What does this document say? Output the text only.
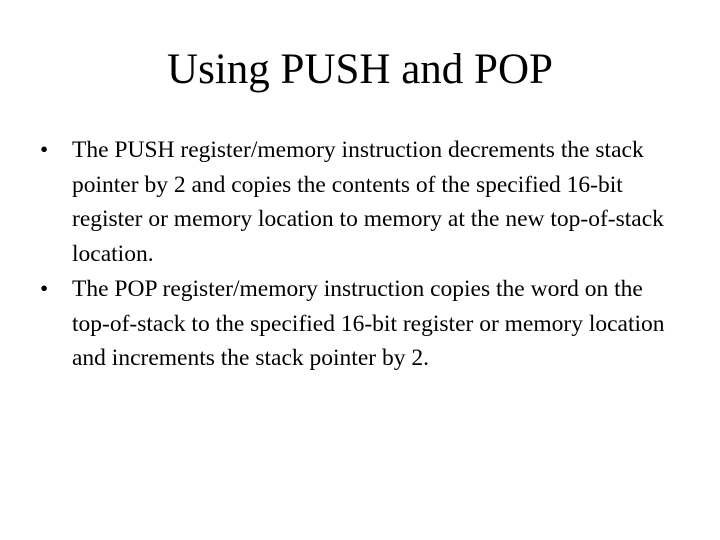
Using PUSH and POP
•	The PUSH register/memory instruction decrements the stack pointer by 2 and copies the contents of the specified 16-bit register or memory location to memory at the new top-of-stack location.
•	The POP register/memory instruction copies the word on the top-of-stack to the specified 16-bit register or memory location and increments the stack pointer by 2.
